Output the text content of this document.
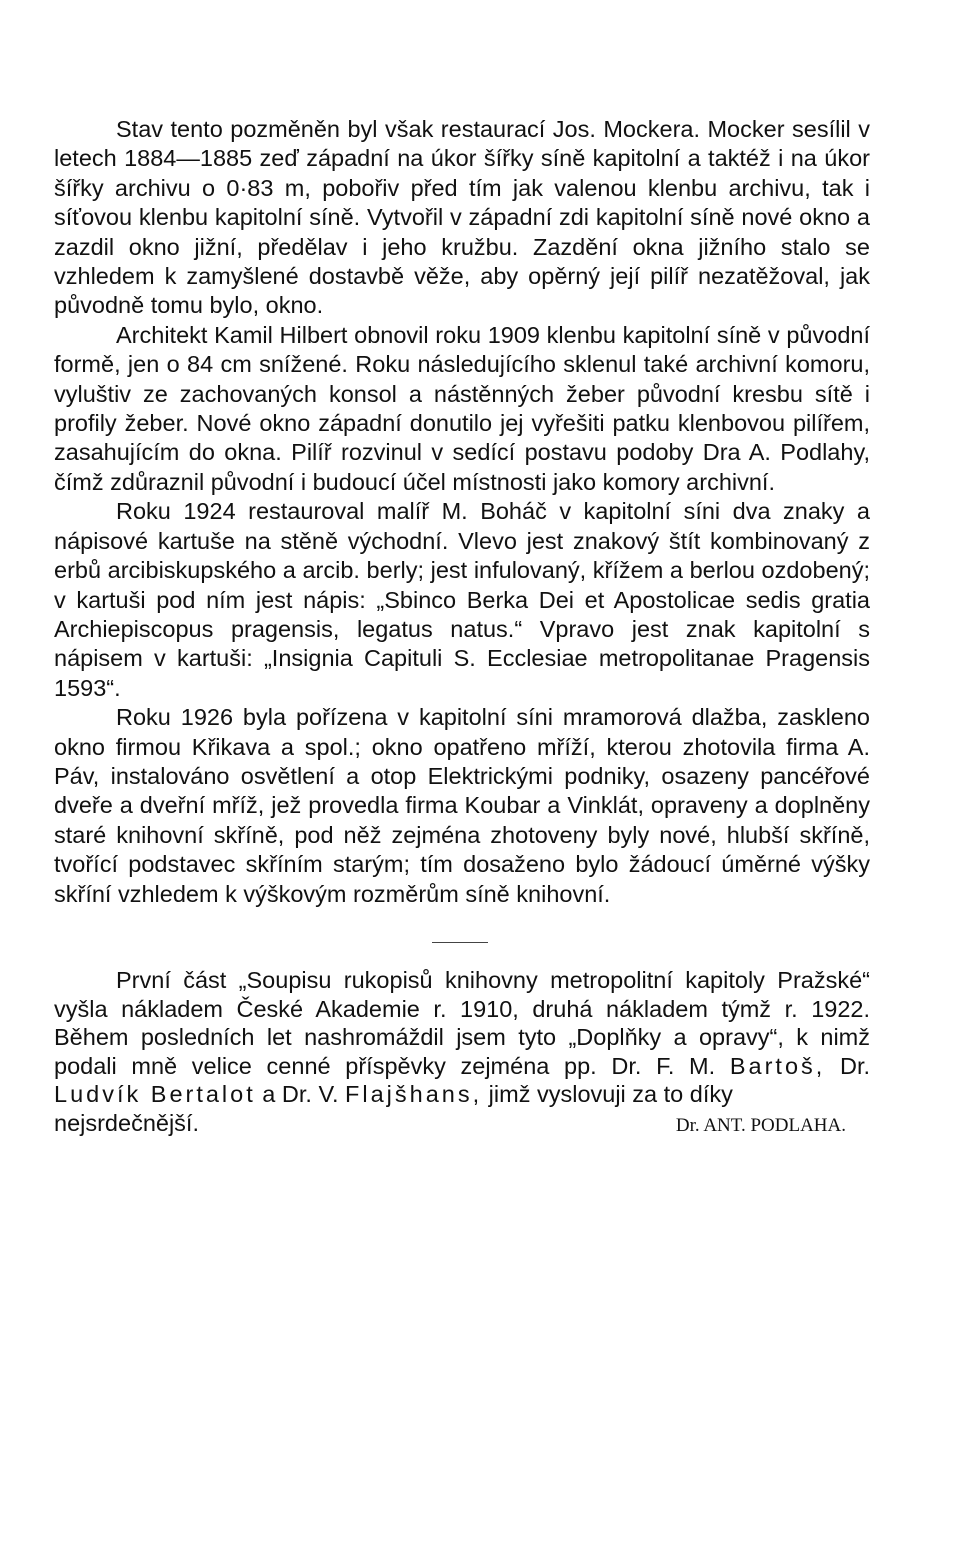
Stav tento pozměněn byl však restaurací Jos. Mockera. Mocker sesílil v letech 1884—1885 zeď západní na úkor šířky síně kapitolní a taktéž i na úkor šířky archivu o 0·83 m, pobořiv před tím jak valenou klenbu archivu, tak i síťovou klenbu kapitolní síně. Vytvořil v západní zdi kapitolní síně nové okno a zazdil okno jižní, předělav i jeho kružbu. Zazdění okna jižního stalo se vzhledem k zamyšlené dostavbě věže, aby opěrný její pilíř nezatěžoval, jak původně tomu bylo, okno.

Architekt Kamil Hilbert obnovil roku 1909 klenbu kapitolní síně v původní formě, jen o 84 cm snížené. Roku následujícího sklenul také archivní komoru, vyluštiv ze zachovaných konsol a nástěnných žeber původní kresbu sítě i profily žeber. Nové okno západní donutilo jej vyřešiti patku klenbovou pilířem, zasahujícím do okna. Pilíř rozvinul v sedící postavu podoby Dra A. Podlahy, čímž zdůraznil původní i budoucí účel místnosti jako komory archivní.

Roku 1924 restauroval malíř M. Boháč v kapitolní síni dva znaky a nápisové kartuše na stěně východní. Vlevo jest znakový štít kombinovaný z erbů arcibiskupského a arcib. berly; jest infulovaný, křížem a berlou ozdobený; v kartuši pod ním jest nápis: „Sbinco Berka Dei et Apostolicae sedis gratia Archiepiscopus pragensis, legatus natus.“ Vpravo jest znak kapitolní s nápisem v kartuši: „Insignia Capituli S. Ecclesiae metropolitanae Pragensis 1593“.

Roku 1926 byla pořízena v kapitolní síni mramorová dlažba, zaskleno okno firmou Křikava a spol.; okno opatřeno mříží, kterou zhotovila firma A. Páv, instalováno osvětlení a otop Elektrickými podniky, osazeny pancéřové dveře a dveřní mříž, jež provedla firma Koubar a Vinklát, opraveny a doplněny staré knihovní skříně, pod něž zejména zhotoveny byly nové, hlubší skříně, tvořící podstavec skříním starým; tím dosaženo bylo žádoucí úměrné výšky skříní vzhledem k výškovým rozměrům síně knihovní.

První část „Soupisu rukopisů knihovny metropolitní kapitoly Pražské“ vyšla nákladem České Akademie r. 1910, druhá nákladem týmž r. 1922. Během posledních let nashromáždil jsem tyto „Doplňky a opravy“, k nimž podali mně velice cenné příspěvky zejména pp. Dr. F. M. Bartoš, Dr. Ludvík Bertalot a Dr. V. Flajšhans, jimž vyslovuji za to díky

nejsrdečnější.	Dr. ANT. PODLAHA.
